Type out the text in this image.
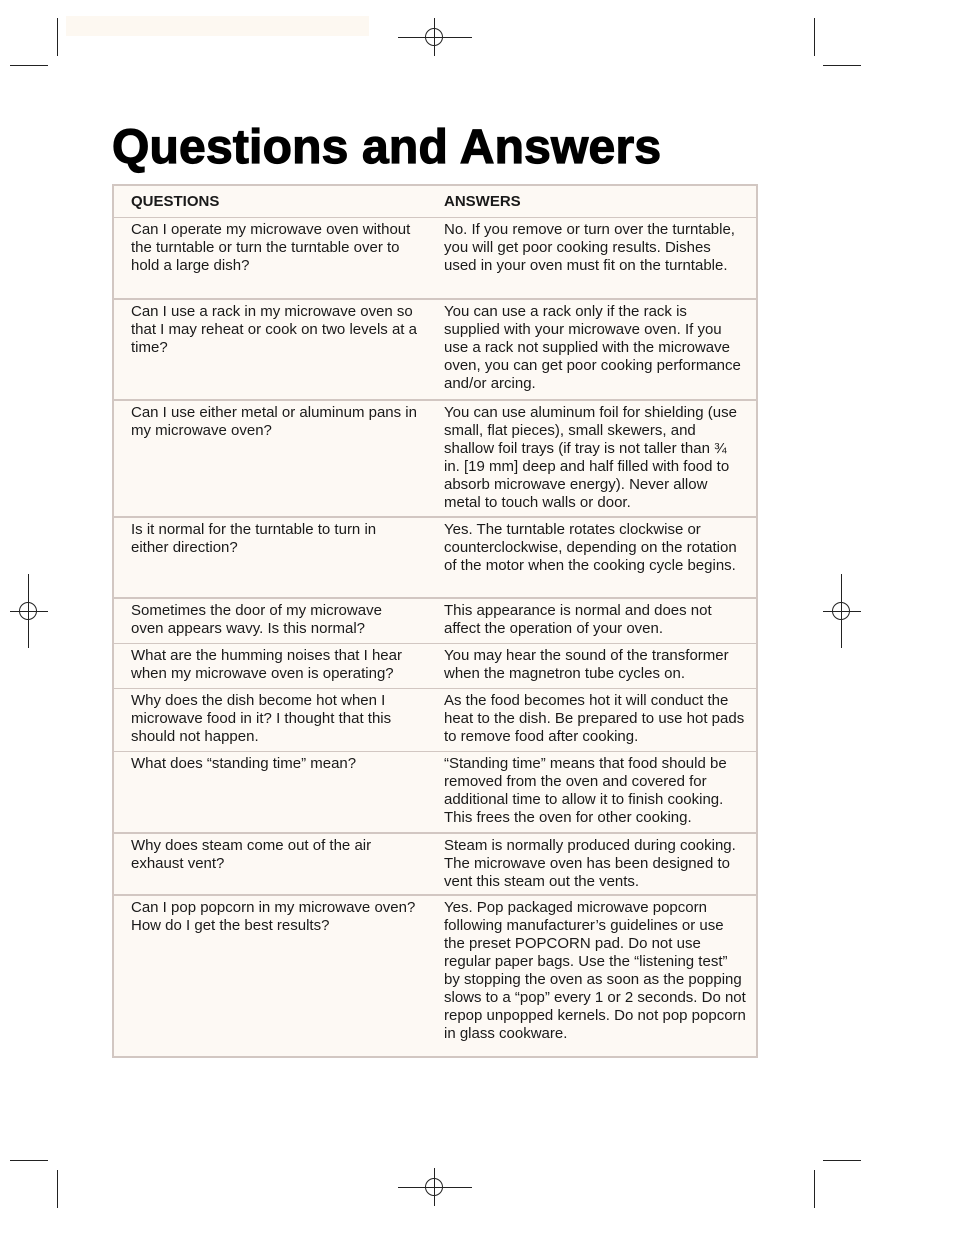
Questions and Answers
QUESTIONS	ANSWERS
Can I operate my microwave oven without the turntable or turn the turntable over to hold a large dish?
No. If you remove or turn over the turntable, you will get poor cooking results. Dishes used in your oven must fit on the turntable.
Can I use a rack in my microwave oven so that I may reheat or cook on two levels at a time?
You can use a rack only if the rack is supplied with your microwave oven. If you use a rack not supplied with the microwave oven, you can get poor cooking performance and/or arcing.
Can I use either metal or aluminum pans in my microwave oven?
You can use aluminum foil for shielding (use small, flat pieces), small skewers, and shallow foil trays (if tray is not taller than ¾ in. [19 mm] deep and half filled with food to absorb microwave energy). Never allow metal to touch walls or door.
Is it normal for the turntable to turn in either direction?
Yes. The turntable rotates clockwise or counterclockwise, depending on the rotation of the motor when the cooking cycle begins.
Sometimes the door of my microwave oven appears wavy. Is this normal?
This appearance is normal and does not affect the operation of your oven.
What are the humming noises that I hear when my microwave oven is operating?
You may hear the sound of the transformer when the magnetron tube cycles on.
Why does the dish become hot when I microwave food in it? I thought that this should not happen.
As the food becomes hot it will conduct the heat to the dish. Be prepared to use hot pads to remove food after cooking.
What does “standing time” mean?	“Standing time” means that food should be removed from the oven and covered for additional time to allow it to finish cooking. This frees the oven for other cooking.
Why does steam come out of the air exhaust vent?
Steam is normally produced during cooking. The microwave oven has been designed to vent this steam out the vents.
Can I pop popcorn in my microwave oven? How do I get the best results?
Yes. Pop packaged microwave popcorn following manufacturer’s guidelines or use the preset POPCORN pad. Do not use regular paper bags. Use the “listening test” by stopping the oven as soon as the popping slows to a “pop” every 1 or 2 seconds. Do not repop unpopped kernels. Do not pop popcorn in glass cookware.
